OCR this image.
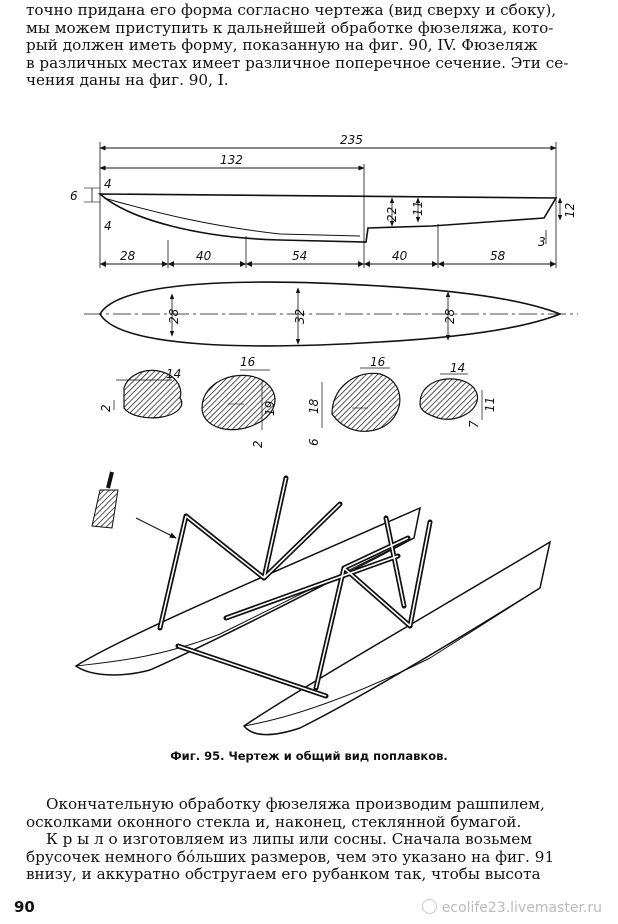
точно придана его форма согласно чертежа (вид сверху и сбоку),
мы можем приступить к дальнейшей обработке фюзеляжа, кото-
рый должен иметь форму, показанную на фиг. 90, IV. Фюзеляж
в различных местах имеет различное поперечное сечение. Эти се-
чения даны на фиг. 90, I.
235
132
6
4
4
22 11	12
3
28	40	54	40	58
28	32	28
14
2
16
19
2
16
18
6
14
11
7
Фиг. 95. Чертеж и общий вид поплавков.
Окончательную обработку фюзеляжа производим рашпилем,
осколками оконного стекла и, наконец, стеклянной бумагой.
К р ы л о изготовляем из липы или сосны. Сначала возьмем
брусочек немного бо́льших размеров, чем это указано на фиг. 91
внизу, и аккуратно обстругаем его рубанком так, чтобы высота
90	ecolife23.livemaster.ru
